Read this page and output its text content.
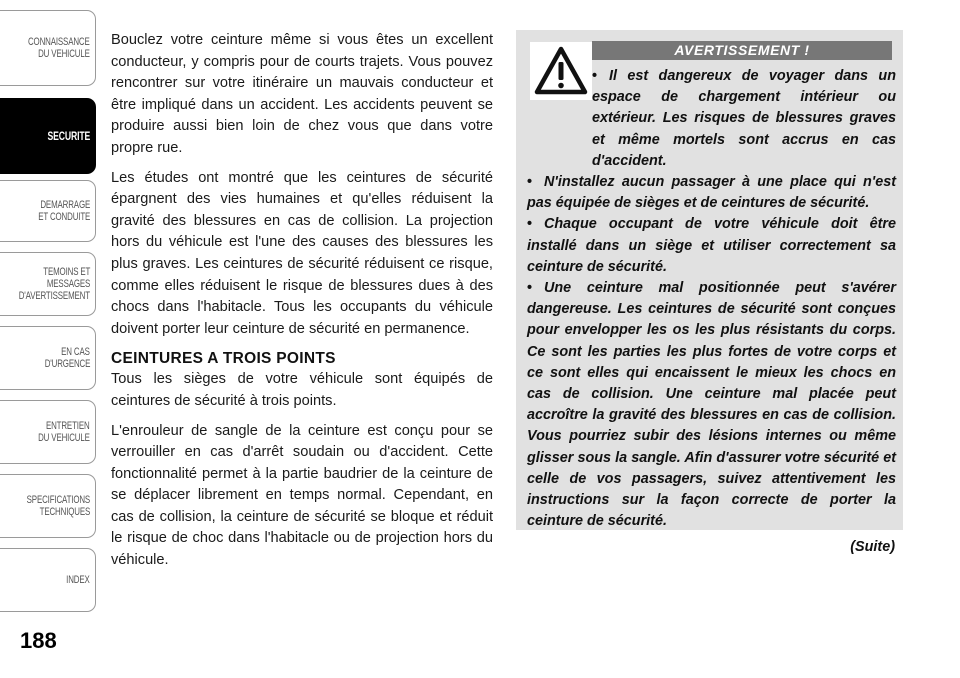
CONNAISSANCE
DU VEHICULE
SECURITE
DEMARRAGE
ET CONDUITE
TEMOINS ET
MESSAGES
D'AVERTISSEMENT
EN CAS
D'URGENCE
ENTRETIEN
DU VEHICULE
SPECIFICATIONS
TECHNIQUES
INDEX
188

Bouclez votre ceinture même si vous êtes un excellent conducteur, y compris pour de courts trajets. Vous pouvez rencontrer sur votre itinéraire un mauvais conducteur et être impliqué dans un accident. Les accidents peuvent se produire aussi bien loin de chez vous que dans votre propre rue.

Les études ont montré que les ceintures de sécurité épargnent des vies humaines et qu'elles réduisent la gravité des blessures en cas de collision. La projection hors du véhicule est l'une des causes des blessures les plus graves. Les ceintures de sécurité réduisent ce risque, comme elles réduisent le risque de blessures dues à des chocs dans l'habitacle. Tous les occupants du véhicule doivent porter leur ceinture de sécurité en permanence.

CEINTURES A TROIS POINTS

Tous les sièges de votre véhicule sont équipés de ceintures de sécurité à trois points.

L'enrouleur de sangle de la ceinture est conçu pour se verrouiller en cas d'arrêt soudain ou d'accident. Cette fonctionnalité permet à la partie baudrier de la ceinture de se déplacer librement en temps normal. Cependant, en cas de collision, la ceinture de sécurité se bloque et réduit le risque de choc dans l'habitacle ou de projection hors du véhicule.

AVERTISSEMENT !

• Il est dangereux de voyager dans un espace de chargement intérieur ou extérieur. Les risques de blessures graves et même mortels sont accrus en cas d'accident.

• N'installez aucun passager à une place qui n'est pas équipée de sièges et de ceintures de sécurité.

• Chaque occupant de votre véhicule doit être installé dans un siège et utiliser correctement sa ceinture de sécurité.

• Une ceinture mal positionnée peut s'avérer dangereuse. Les ceintures de sécurité sont conçues pour envelopper les os les plus résistants du corps. Ce sont les parties les plus fortes de votre corps et ce sont elles qui encaissent le mieux les chocs en cas de collision. Une ceinture mal placée peut accroître la gravité des blessures en cas de collision. Vous pourriez subir des lésions internes ou même glisser sous la sangle. Afin d'assurer votre sécurité et celle de vos passagers, suivez attentivement les instructions sur la façon correcte de porter la ceinture de sécurité.

(Suite)
